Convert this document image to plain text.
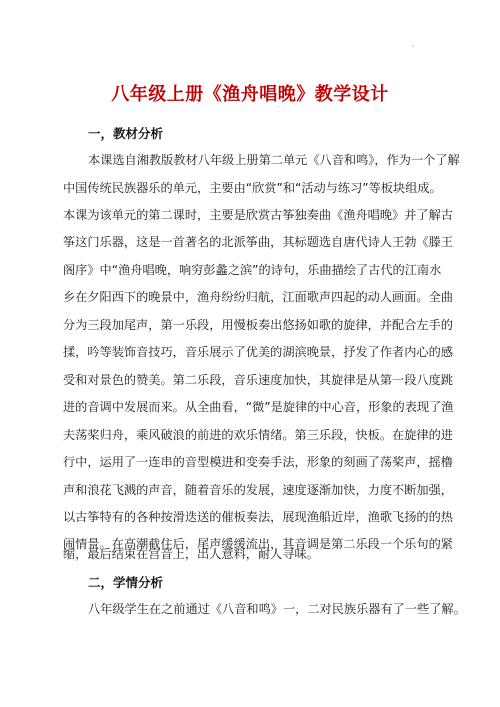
八年级上册《渔舟唱晚》教学设计
一，教材分析
本课选自湘教版教材八年级上册第二单元《八音和鸣》，作为一个了解
中国传统民族器乐的单元，主要由“欣赏”和“活动与练习”等板块组成。
本课为该单元的第二课时，主要是欣赏古筝独奏曲《渔舟唱晚》并了解古
筝这门乐器，这是一首著名的北派筝曲，其标题选自唐代诗人王勃《滕王
阁序》中“渔舟唱晚，响穷彭蠡之滨”的诗句，乐曲描绘了古代的江南水
乡在夕阳西下的晚景中，渔舟纷纷归航，江面歌声四起的动人画面。全曲
分为三段加尾声，第一乐段，用慢板奏出悠扬如歌的旋律，并配合左手的
揉，吟等装饰音技巧，音乐展示了优美的湖滨晚景，抒发了作者内心的感
受和对景色的赞美。第二乐段，音乐速度加快，其旋律是从第一段八度跳
进的音调中发展而来。从全曲看，“微”是旋律的中心音，形象的表现了渔
夫荡桨归舟，乘风破浪的前进的欢乐情绪。第三乐段，快板。在旋律的进
行中，运用了一连串的音型模进和变奏手法，形象的刻画了荡桨声，摇橹
声和浪花飞溅的声音，随着音乐的发展，速度逐渐加快，力度不断加强，
以古筝特有的各种按滑迭送的催板奏法，展现渔船近岸，渔歌飞扬的的热
闹情景。在高潮截住后，尾声缓缓流出，其音调是第二乐段一个乐句的紧
缩，最后结束在宫音上，出人意料，耐人寻味。
二，学情分析
八年级学生在之前通过《八音和鸣》一，二对民族乐器有了一些了解。
